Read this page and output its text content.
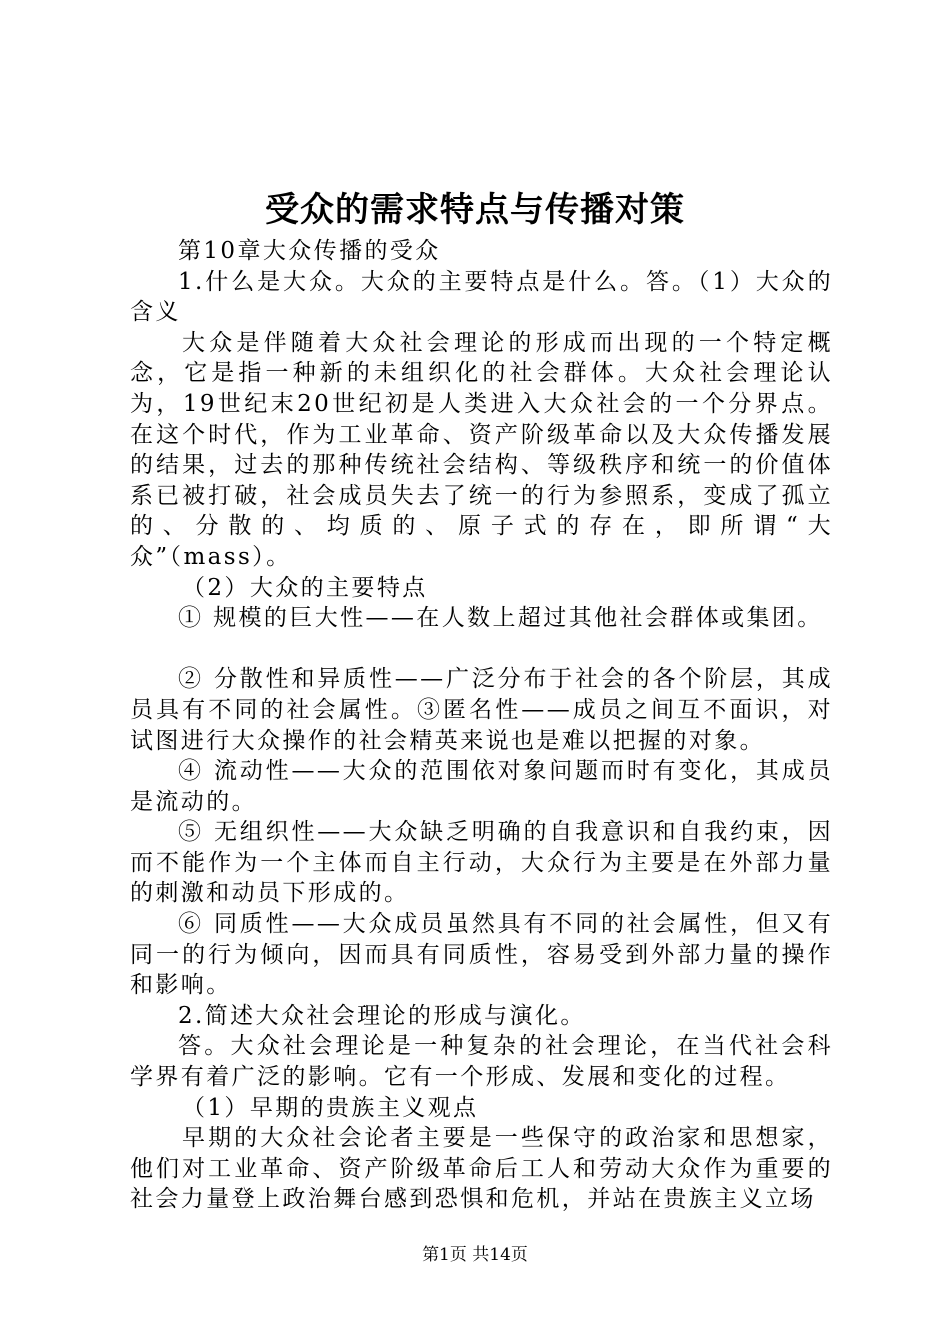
受众的需求特点与传播对策

第10章大众传播的受众

1.什么是大众。大众的主要特点是什么。答。（1）大众的含义

大众是伴随着大众社会理论的形成而出现的一个特定概念，它是指一种新的未组织化的社会群体。大众社会理论认为，19世纪末20世纪初是人类进入大众社会的一个分界点。在这个时代，作为工业革命、资产阶级革命以及大众传播发展的结果，过去的那种传统社会结构、等级秩序和统一的价值体系已被打破，社会成员失去了统一的行为参照系，变成了孤立的、分散的、均质的、原子式的存在，即所谓“大众”（mass）。

（2）大众的主要特点

① 规模的巨大性——在人数上超过其他社会群体或集团。

② 分散性和异质性——广泛分布于社会的各个阶层，其成员具有不同的社会属性。③匿名性——成员之间互不面识，对试图进行大众操作的社会精英来说也是难以把握的对象。

④ 流动性——大众的范围依对象问题而时有变化，其成员是流动的。

⑤ 无组织性——大众缺乏明确的自我意识和自我约束，因而不能作为一个主体而自主行动，大众行为主要是在外部力量的刺激和动员下形成的。

⑥ 同质性——大众成员虽然具有不同的社会属性，但又有同一的行为倾向，因而具有同质性，容易受到外部力量的操作和影响。

2.简述大众社会理论的形成与演化。

答。大众社会理论是一种复杂的社会理论，在当代社会科学界有着广泛的影响。它有一个形成、发展和变化的过程。

（1）早期的贵族主义观点

早期的大众社会论者主要是一些保守的政治家和思想家，他们对工业革命、资产阶级革命后工人和劳动大众作为重要的社会力量登上政治舞台感到恐惧和危机，并站在贵族主义立场

第1页 共14页
